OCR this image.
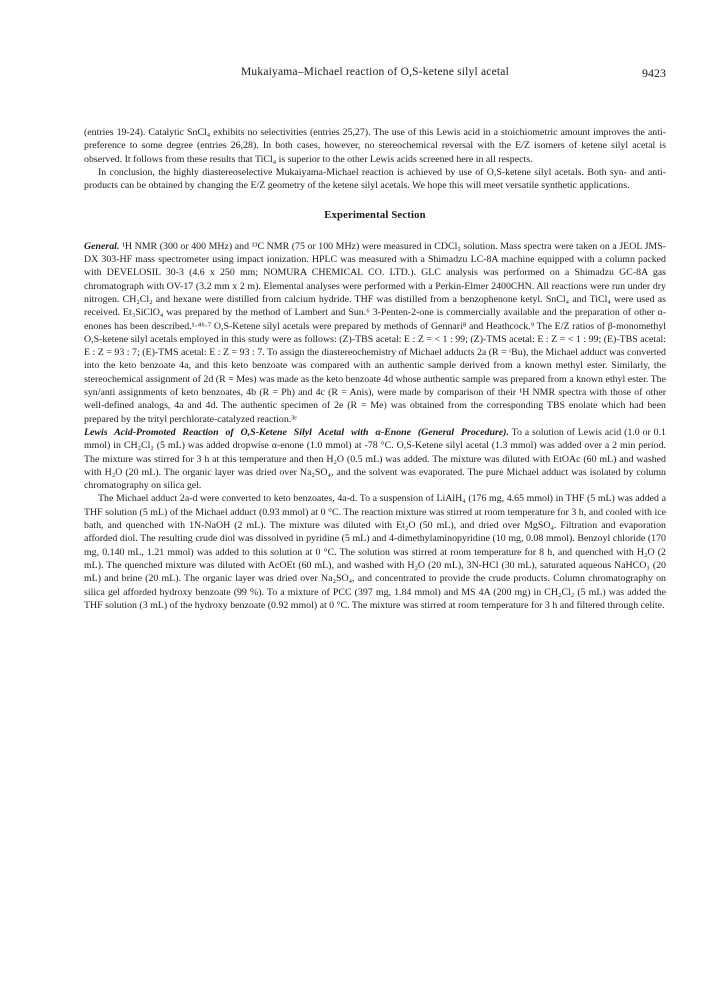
Mukaiyama–Michael reaction of O,S-ketene silyl acetal	9423

(entries 19-24). Catalytic SnCl₄ exhibits no selectivities (entries 25,27). The use of this Lewis acid in a stoichiometric amount improves the anti-preference to some degree (entries 26,28). In both cases, however, no stereochemical reversal with the E/Z isomers of ketene silyl acetal is observed. It follows from these results that TiCl₄ is superior to the other Lewis acids screened here in all respects.

In conclusion, the highly diastereoselective Mukaiyama-Michael reaction is achieved by use of O,S-ketene silyl acetals. Both syn- and anti-products can be obtained by changing the E/Z geometry of the ketene silyl acetals. We hope this will meet versatile synthetic applications.

Experimental Section

General. ¹H NMR (300 or 400 MHz) and ¹³C NMR (75 or 100 MHz) were measured in CDCl₃ solution. Mass spectra were taken on a JEOL JMS-DX 303-HF mass spectrometer using impact ionization. HPLC was measured with a Shimadzu LC-8A machine equipped with a column packed with DEVELOSIL 30-3 (4.6 x 250 mm; NOMURA CHEMICAL CO. LTD.). GLC analysis was performed on a Shimadzu GC-8A gas chromatograph with OV-17 (3.2 mm x 2 m). Elemental analyses were performed with a Perkin-Elmer 2400CHN. All reactions were run under dry nitrogen. CH₂Cl₂ and hexane were distilled from calcium hydride. THF was distilled from a benzophenone ketyl. SnCl₄ and TiCl₄ were used as received. Et₃SiClO₄ was prepared by the method of Lambert and Sun.⁶ 3-Penten-2-one is commercially available and the preparation of other α-enones has been described.¹·⁴ᵇ·⁷ O,S-Ketene silyl acetals were prepared by methods of Gennari⁸ and Heathcock.⁹ The E/Z ratios of β-monomethyl O,S-ketene silyl acetals employed in this study were as follows: (Z)-TBS acetal: E : Z = < 1 : 99; (Z)-TMS acetal: E : Z = < 1 : 99; (E)-TBS acetal: E : Z = 93 : 7; (E)-TMS acetal: E : Z = 93 : 7. To assign the diastereochemistry of Michael adducts 2a (R = ᵗBu), the Michael adduct was converted into the keto benzoate 4a, and this keto benzoate was compared with an authentic sample derived from a known methyl ester. Similarly, the stereochemical assignment of 2d (R = Mes) was made as the keto benzoate 4d whose authentic sample was prepared from a known ethyl ester. The syn/anti assignments of keto benzoates, 4b (R = Ph) and 4c (R = Anis), were made by comparison of their ¹H NMR spectra with those of other well-defined analogs, 4a and 4d. The authentic specimen of 2e (R = Me) was obtained from the corresponding TBS enolate which had been prepared by the trityl perchlorate-catalyzed reaction.³ᵉ

Lewis Acid-Promoted Reaction of O,S-Ketene Silyl Acetal with α-Enone (General Procedure). To a solution of Lewis acid (1.0 or 0.1 mmol) in CH₂Cl₂ (5 mL) was added dropwise α-enone (1.0 mmol) at -78 °C. O,S-Ketene silyl acetal (1.3 mmol) was added over a 2 min period. The mixture was stirred for 3 h at this temperature and then H₂O (0.5 mL) was added. The mixture was diluted with EtOAc (60 mL) and washed with H₂O (20 mL). The organic layer was dried over Na₂SO₄, and the solvent was evaporated. The pure Michael adduct was isolated by column chromatography on silica gel.

The Michael adduct 2a-d were converted to keto benzoates, 4a-d. To a suspension of LiAlH₄ (176 mg, 4.65 mmol) in THF (5 mL) was added a THF solution (5 mL) of the Michael adduct (0.93 mmol) at 0 °C. The reaction mixture was stirred at room temperature for 3 h, and cooled with ice bath, and quenched with 1N-NaOH (2 mL). The mixture was diluted with Et₂O (50 mL), and dried over MgSO₄. Filtration and evaporation afforded diol. The resulting crude diol was dissolved in pyridine (5 mL) and 4-dimethylaminopyridine (10 mg, 0.08 mmol). Benzoyl chloride (170 mg, 0.140 mL, 1.21 mmol) was added to this solution at 0 °C. The solution was stirred at room temperature for 8 h, and quenched with H₂O (2 mL). The quenched mixture was diluted with AcOEt (60 mL), and washed with H₂O (20 mL), 3N-HCl (30 mL), saturated aqueous NaHCO₃ (20 mL) and brine (20 mL). The organic layer was dried over Na₂SO₄, and concentrated to provide the crude products. Column chromatography on silica gel afforded hydroxy benzoate (99 %). To a mixture of PCC (397 mg, 1.84 mmol) and MS 4A (200 mg) in CH₂Cl₂ (5 mL) was added the THF solution (3 mL) of the hydroxy benzoate (0.92 mmol) at 0 °C. The mixture was stirred at room temperature for 3 h and filtered through celite.
